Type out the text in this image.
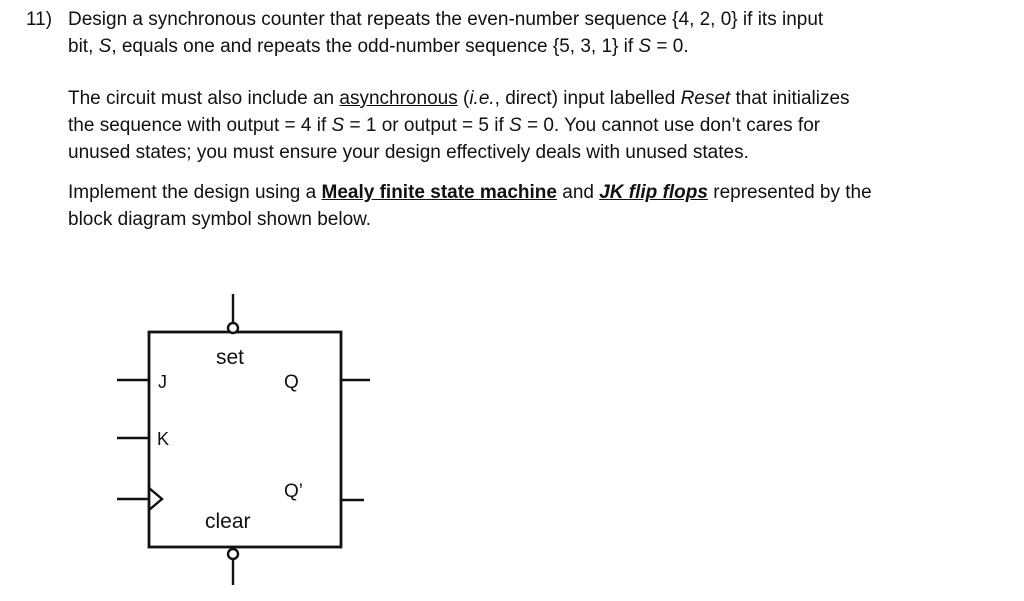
11) Design a synchronous counter that repeats the even-number sequence {4, 2, 0} if its input
bit, S, equals one and repeats the odd-number sequence {5, 3, 1} if S = 0.
The circuit must also include an asynchronous (i.e., direct) input labelled Reset that initializes
the sequence with output = 4 if S = 1 or output = 5 if S = 0. You cannot use don’t cares for
unused states; you must ensure your design effectively deals with unused states.
Implement the design using a Mealy finite state machine and JK flip flops represented by the
block diagram symbol shown below.
set
clear
J
K
Q
Q’
